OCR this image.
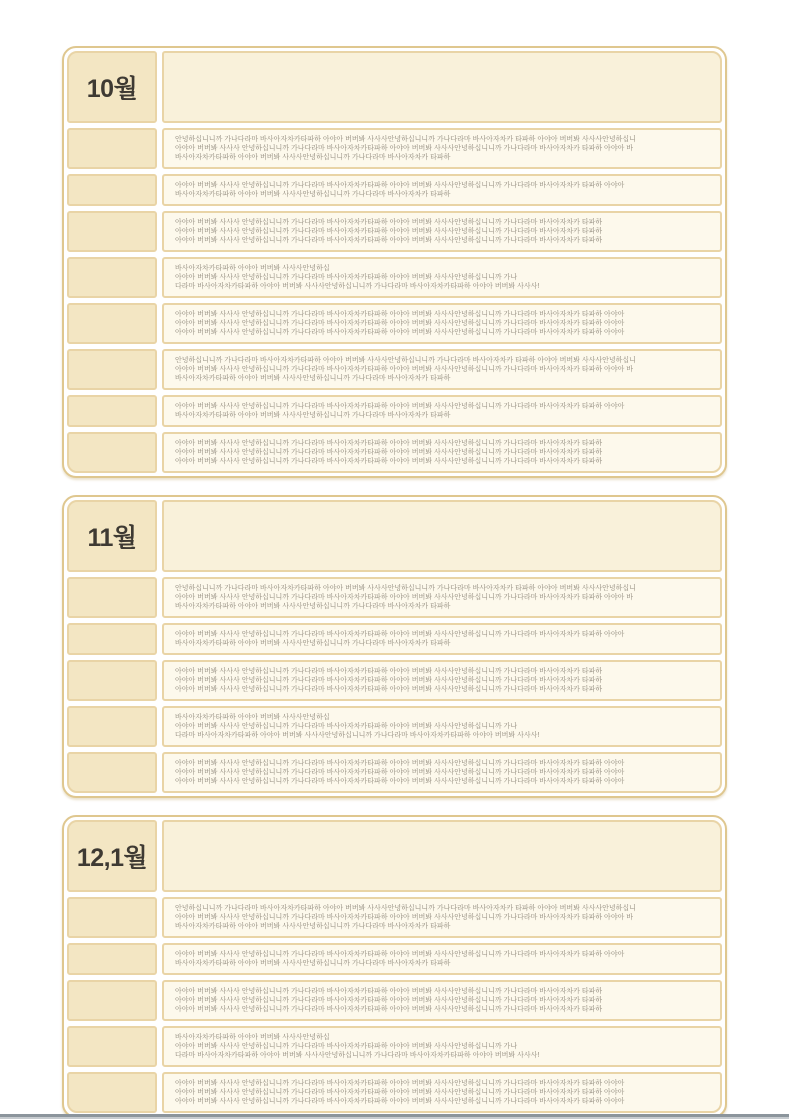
10월

안녕하십니니까 가나다라마 바사아자차카타파하 아야아 버버봐 사사사안녕하십니니까 가나다라마 바사아자차카 타파하 아야아 버버봐 사사사안녕하십니

아야아 버버봐 사사사 안녕하십니니까 가나다라마 바사아자차카타파하 아야아 버버봐 사사사안녕하십니니까 가나다라마 바사아자차카 타파하 아야아 바

바사아자차카타파하 아야아 버버봐 사사사안녕하십니니까 가나다라마 바사아자차카 타파하

아야아 버버봐 사사사 안녕하십니니까 가나다라마 바사아자차카타파하 아야아 버버봐 사사사안녕하십니니까 가나다라마 바사아자차카 타파하 아야아

바사아자차카타파하 아야아 버버봐 사사사안녕하십니니까 가나다라마 바사아자차카 타파하

아야아 버버봐 사사사 안녕하십니니까 가나다라마 바사아자차카타파하 아야아 버버봐 사사사안녕하십니니까 가나다라마 바사아자차카 타파하

아야아 버버봐 사사사 안녕하십니니까 가나다라마 바사아자차카타파하 아야아 버버봐 사사사안녕하십니니까 가나다라마 바사아자차카 타파하

아야아 버버봐 사사사 안녕하십니니까 가나다라마 바사아자차카타파하 아야아 버버봐 사사사안녕하십니니까 가나다라마 바사아자차카 타파하

바사아자차카타파하 아야아 버버봐 사사사안녕하십

아야아 버버봐 사사사 안녕하십니니까 가나다라마 바사아자차카타파하 아야아 버버봐 사사사안녕하십니니까 가나

다라마 바사아자차카타파하 아야아 버버봐 사사사안녕하십니니까 가나다라마 바사아자차카타파하 아야아 버버봐 사사사!

아야아 버버봐 사사사 안녕하십니니까 가나다라마 바사아자차카타파하 아야아 버버봐 사사사안녕하십니니까 가나다라마 바사아자차카 타파하 아야아

아야아 버버봐 사사사 안녕하십니니까 가나다라마 바사아자차카타파하 아야아 버버봐 사사사안녕하십니니까 가나다라마 바사아자차카 타파하 아야아

아야아 버버봐 사사사 안녕하십니니까 가나다라마 바사아자차카타파하 아야아 버버봐 사사사안녕하십니니까 가나다라마 바사아자차카 타파하 아야아

안녕하십니니까 가나다라마 바사아자차카타파하 아야아 버버봐 사사사안녕하십니니까 가나다라마 바사아자차카 타파하 아야아 버버봐 사사사안녕하십니

아야아 버버봐 사사사 안녕하십니니까 가나다라마 바사아자차카타파하 아야아 버버봐 사사사안녕하십니니까 가나다라마 바사아자차카 타파하 아야아 바

바사아자차카타파하 아야아 버버봐 사사사안녕하십니니까 가나다라마 바사아자차카 타파하

아야아 버버봐 사사사 안녕하십니니까 가나다라마 바사아자차카타파하 아야아 버버봐 사사사안녕하십니니까 가나다라마 바사아자차카 타파하 아야아

바사아자차카타파하 아야아 버버봐 사사사안녕하십니니까 가나다라마 바사아자차카 타파하

아야아 버버봐 사사사 안녕하십니니까 가나다라마 바사아자차카타파하 아야아 버버봐 사사사안녕하십니니까 가나다라마 바사아자차카 타파하

아야아 버버봐 사사사 안녕하십니니까 가나다라마 바사아자차카타파하 아야아 버버봐 사사사안녕하십니니까 가나다라마 바사아자차카 타파하

아야아 버버봐 사사사 안녕하십니니까 가나다라마 바사아자차카타파하 아야아 버버봐 사사사안녕하십니니까 가나다라마 바사아자차카 타파하

11월

안녕하십니니까 가나다라마 바사아자차카타파하 아야아 버버봐 사사사안녕하십니니까 가나다라마 바사아자차카 타파하 아야아 버버봐 사사사안녕하십니

아야아 버버봐 사사사 안녕하십니니까 가나다라마 바사아자차카타파하 아야아 버버봐 사사사안녕하십니니까 가나다라마 바사아자차카 타파하 아야아 바

바사아자차카타파하 아야아 버버봐 사사사안녕하십니니까 가나다라마 바사아자차카 타파하

아야아 버버봐 사사사 안녕하십니니까 가나다라마 바사아자차카타파하 아야아 버버봐 사사사안녕하십니니까 가나다라마 바사아자차카 타파하 아야아

바사아자차카타파하 아야아 버버봐 사사사안녕하십니니까 가나다라마 바사아자차카 타파하

아야아 버버봐 사사사 안녕하십니니까 가나다라마 바사아자차카타파하 아야아 버버봐 사사사안녕하십니니까 가나다라마 바사아자차카 타파하

아야아 버버봐 사사사 안녕하십니니까 가나다라마 바사아자차카타파하 아야아 버버봐 사사사안녕하십니니까 가나다라마 바사아자차카 타파하

아야아 버버봐 사사사 안녕하십니니까 가나다라마 바사아자차카타파하 아야아 버버봐 사사사안녕하십니니까 가나다라마 바사아자차카 타파하

바사아자차카타파하 아야아 버버봐 사사사안녕하십

아야아 버버봐 사사사 안녕하십니니까 가나다라마 바사아자차카타파하 아야아 버버봐 사사사안녕하십니니까 가나

다라마 바사아자차카타파하 아야아 버버봐 사사사안녕하십니니까 가나다라마 바사아자차카타파하 아야아 버버봐 사사사!

아야아 버버봐 사사사 안녕하십니니까 가나다라마 바사아자차카타파하 아야아 버버봐 사사사안녕하십니니까 가나다라마 바사아자차카 타파하 아야아

아야아 버버봐 사사사 안녕하십니니까 가나다라마 바사아자차카타파하 아야아 버버봐 사사사안녕하십니니까 가나다라마 바사아자차카 타파하 아야아

아야아 버버봐 사사사 안녕하십니니까 가나다라마 바사아자차카타파하 아야아 버버봐 사사사안녕하십니니까 가나다라마 바사아자차카 타파하 아야아

12,1월

안녕하십니니까 가나다라마 바사아자차카타파하 아야아 버버봐 사사사안녕하십니니까 가나다라마 바사아자차카 타파하 아야아 버버봐 사사사안녕하십니

아야아 버버봐 사사사 안녕하십니니까 가나다라마 바사아자차카타파하 아야아 버버봐 사사사안녕하십니니까 가나다라마 바사아자차카 타파하 아야아 바

바사아자차카타파하 아야아 버버봐 사사사안녕하십니니까 가나다라마 바사아자차카 타파하

아야아 버버봐 사사사 안녕하십니니까 가나다라마 바사아자차카타파하 아야아 버버봐 사사사안녕하십니니까 가나다라마 바사아자차카 타파하 아야아

바사아자차카타파하 아야아 버버봐 사사사안녕하십니니까 가나다라마 바사아자차카 타파하

아야아 버버봐 사사사 안녕하십니니까 가나다라마 바사아자차카타파하 아야아 버버봐 사사사안녕하십니니까 가나다라마 바사아자차카 타파하

아야아 버버봐 사사사 안녕하십니니까 가나다라마 바사아자차카타파하 아야아 버버봐 사사사안녕하십니니까 가나다라마 바사아자차카 타파하

아야아 버버봐 사사사 안녕하십니니까 가나다라마 바사아자차카타파하 아야아 버버봐 사사사안녕하십니니까 가나다라마 바사아자차카 타파하

바사아자차카타파하 아야아 버버봐 사사사안녕하십

아야아 버버봐 사사사 안녕하십니니까 가나다라마 바사아자차카타파하 아야아 버버봐 사사사안녕하십니니까 가나

다라마 바사아자차카타파하 아야아 버버봐 사사사안녕하십니니까 가나다라마 바사아자차카타파하 아야아 버버봐 사사사!

아야아 버버봐 사사사 안녕하십니니까 가나다라마 바사아자차카타파하 아야아 버버봐 사사사안녕하십니니까 가나다라마 바사아자차카 타파하 아야아

아야아 버버봐 사사사 안녕하십니니까 가나다라마 바사아자차카타파하 아야아 버버봐 사사사안녕하십니니까 가나다라마 바사아자차카 타파하 아야아

아야아 버버봐 사사사 안녕하십니니까 가나다라마 바사아자차카타파하 아야아 버버봐 사사사안녕하십니니까 가나다라마 바사아자차카 타파하 아야아
